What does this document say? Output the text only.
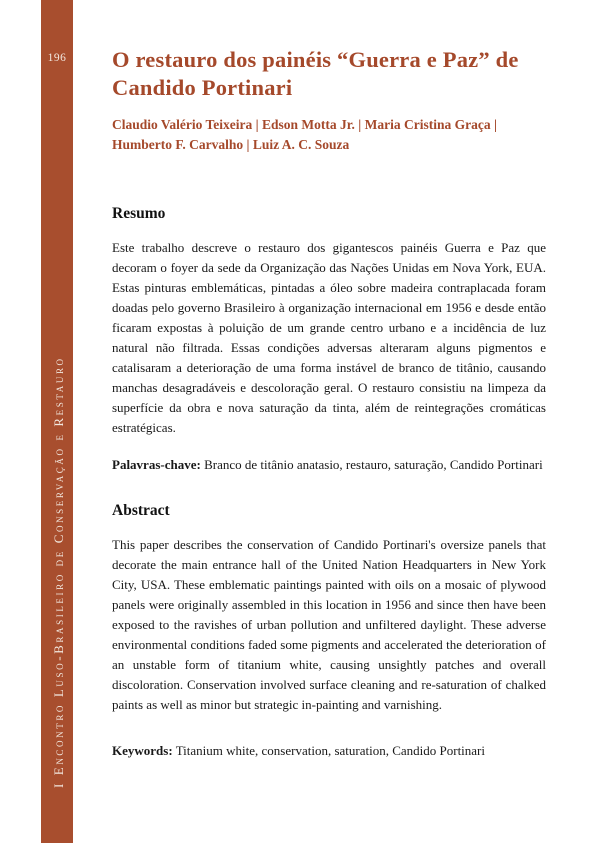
196
I Encontro Luso-Brasileiro de Conservação e Restauro
O restauro dos painéis “Guerra e Paz” de Candido Portinari

Claudio Valério Teixeira | Edson Motta Jr. | Maria Cristina Graça | Humberto F. Carvalho | Luiz A. C. Souza

Resumo

Este trabalho descreve o restauro dos gigantescos painéis Guerra e Paz que decoram o foyer da sede da Organização das Nações Unidas em Nova York, EUA. Estas pinturas emblemáticas, pintadas a óleo sobre madeira contraplacada foram doadas pelo governo Brasileiro à organização internacional em 1956 e desde então ficaram expostas à poluição de um grande centro urbano e a incidência de luz natural não filtrada. Essas condições adversas alteraram alguns pigmentos e catalisaram a deterioração de uma forma instável de branco de titânio, causando manchas desagradáveis e descoloração geral. O restauro consistiu na limpeza da superfície da obra e nova saturação da tinta, além de reintegrações cromáticas estratégicas.

Palavras-chave: Branco de titânio anatasio, restauro, saturação, Candido Portinari

Abstract

This paper describes the conservation of Candido Portinari's oversize panels that decorate the main entrance hall of the United Nation Headquarters in New York City, USA. These emblematic paintings painted with oils on a mosaic of plywood panels were originally assembled in this location in 1956 and since then have been exposed to the ravishes of urban pollution and unfiltered daylight. These adverse environmental conditions faded some pigments and accelerated the deterioration of an unstable form of titanium white, causing unsightly patches and overall discoloration. Conservation involved surface cleaning and re-saturation of chalked paints as well as minor but strategic in-painting and varnishing.

Keywords: Titanium white, conservation, saturation, Candido Portinari
